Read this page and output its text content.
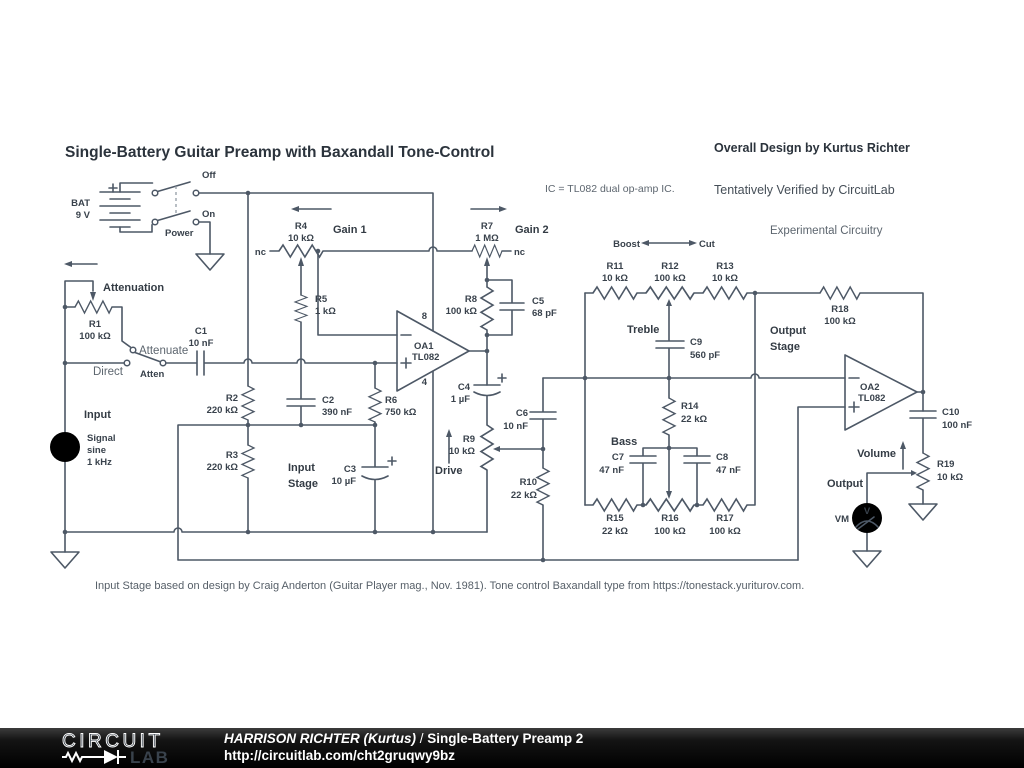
Single-Battery Guitar Preamp with Baxandall Tone-Control	Overall Design by Kurtus Richter
IC = TL082 dual op-amp IC.	Tentatively Verified by CircuitLab
Experimental Circuitry
Input Stage based on design by Craig Anderton (Guitar Player mag., Nov. 1981). Tone control Baxandall type from https://tonestack.yuriturov.com.
BAT
9 V
Off
On
Power
Attenuation
R1
100 kΩ
Attenuate
Direct Atten
C1
10 nF
Input
Signal
sine
1 kHz
R4
10 kΩ
Gain 1
nc
R7
1 MΩ
Gain 2
nc
R5
1 kΩ
R8
100 kΩ
C5
68 pF
R2
220 kΩ
C2
390 nF
R6
750 kΩ
R3
220 kΩ	C3
10 µF
Input
Stage
8
4
OA1
TL082
C4
1 µF
R9
10 kΩ
Drive
C6
10 nF
R10
22 kΩ
Boost	Cut
R11
10 kΩ
R12
100 kΩ
R13
10 kΩ
Treble
C9
560 pF
R14
22 kΩ
Bass
C7
47 nF
C8
47 nF
R15
22 kΩ
R16
100 kΩ
R17
100 kΩ
R18
100 kΩ
Output
Stage
OA2
TL082
C10
100 nF
Volume
R19
10 kΩ
Output
VM
V
CIRCUIT
LAB
HARRISON RICHTER (Kurtus) / Single-Battery Preamp 2
http://circuitlab.com/cht2gruqwy9bz
